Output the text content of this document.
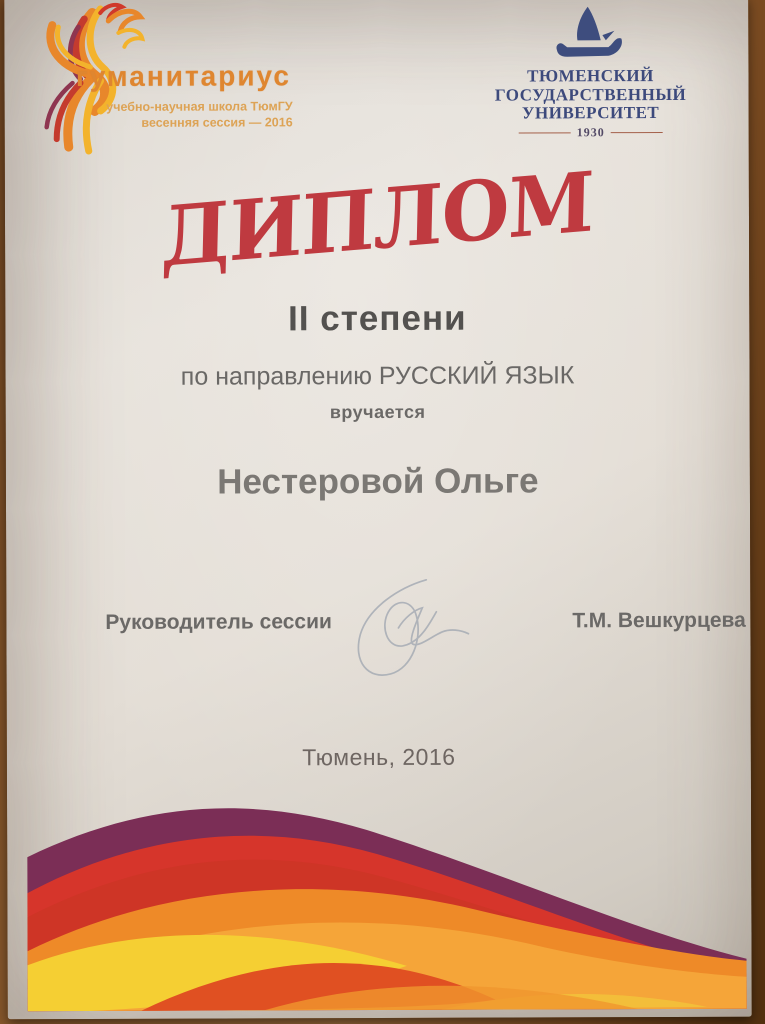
гуманитариус
учебно-научная школа ТюмГУ
весенняя сессия — 2016
ТЮМЕНСКИЙ ГОСУДАРСТВЕННЫЙ
УНИВЕРСИТЕТ
1930
ДИПЛОМ
II степени
по направлению РУССКИЙ ЯЗЫК
вручается
Нестеровой Ольге
Руководитель сессии	Т.М. Вешкурцева
Тюмень, 2016
